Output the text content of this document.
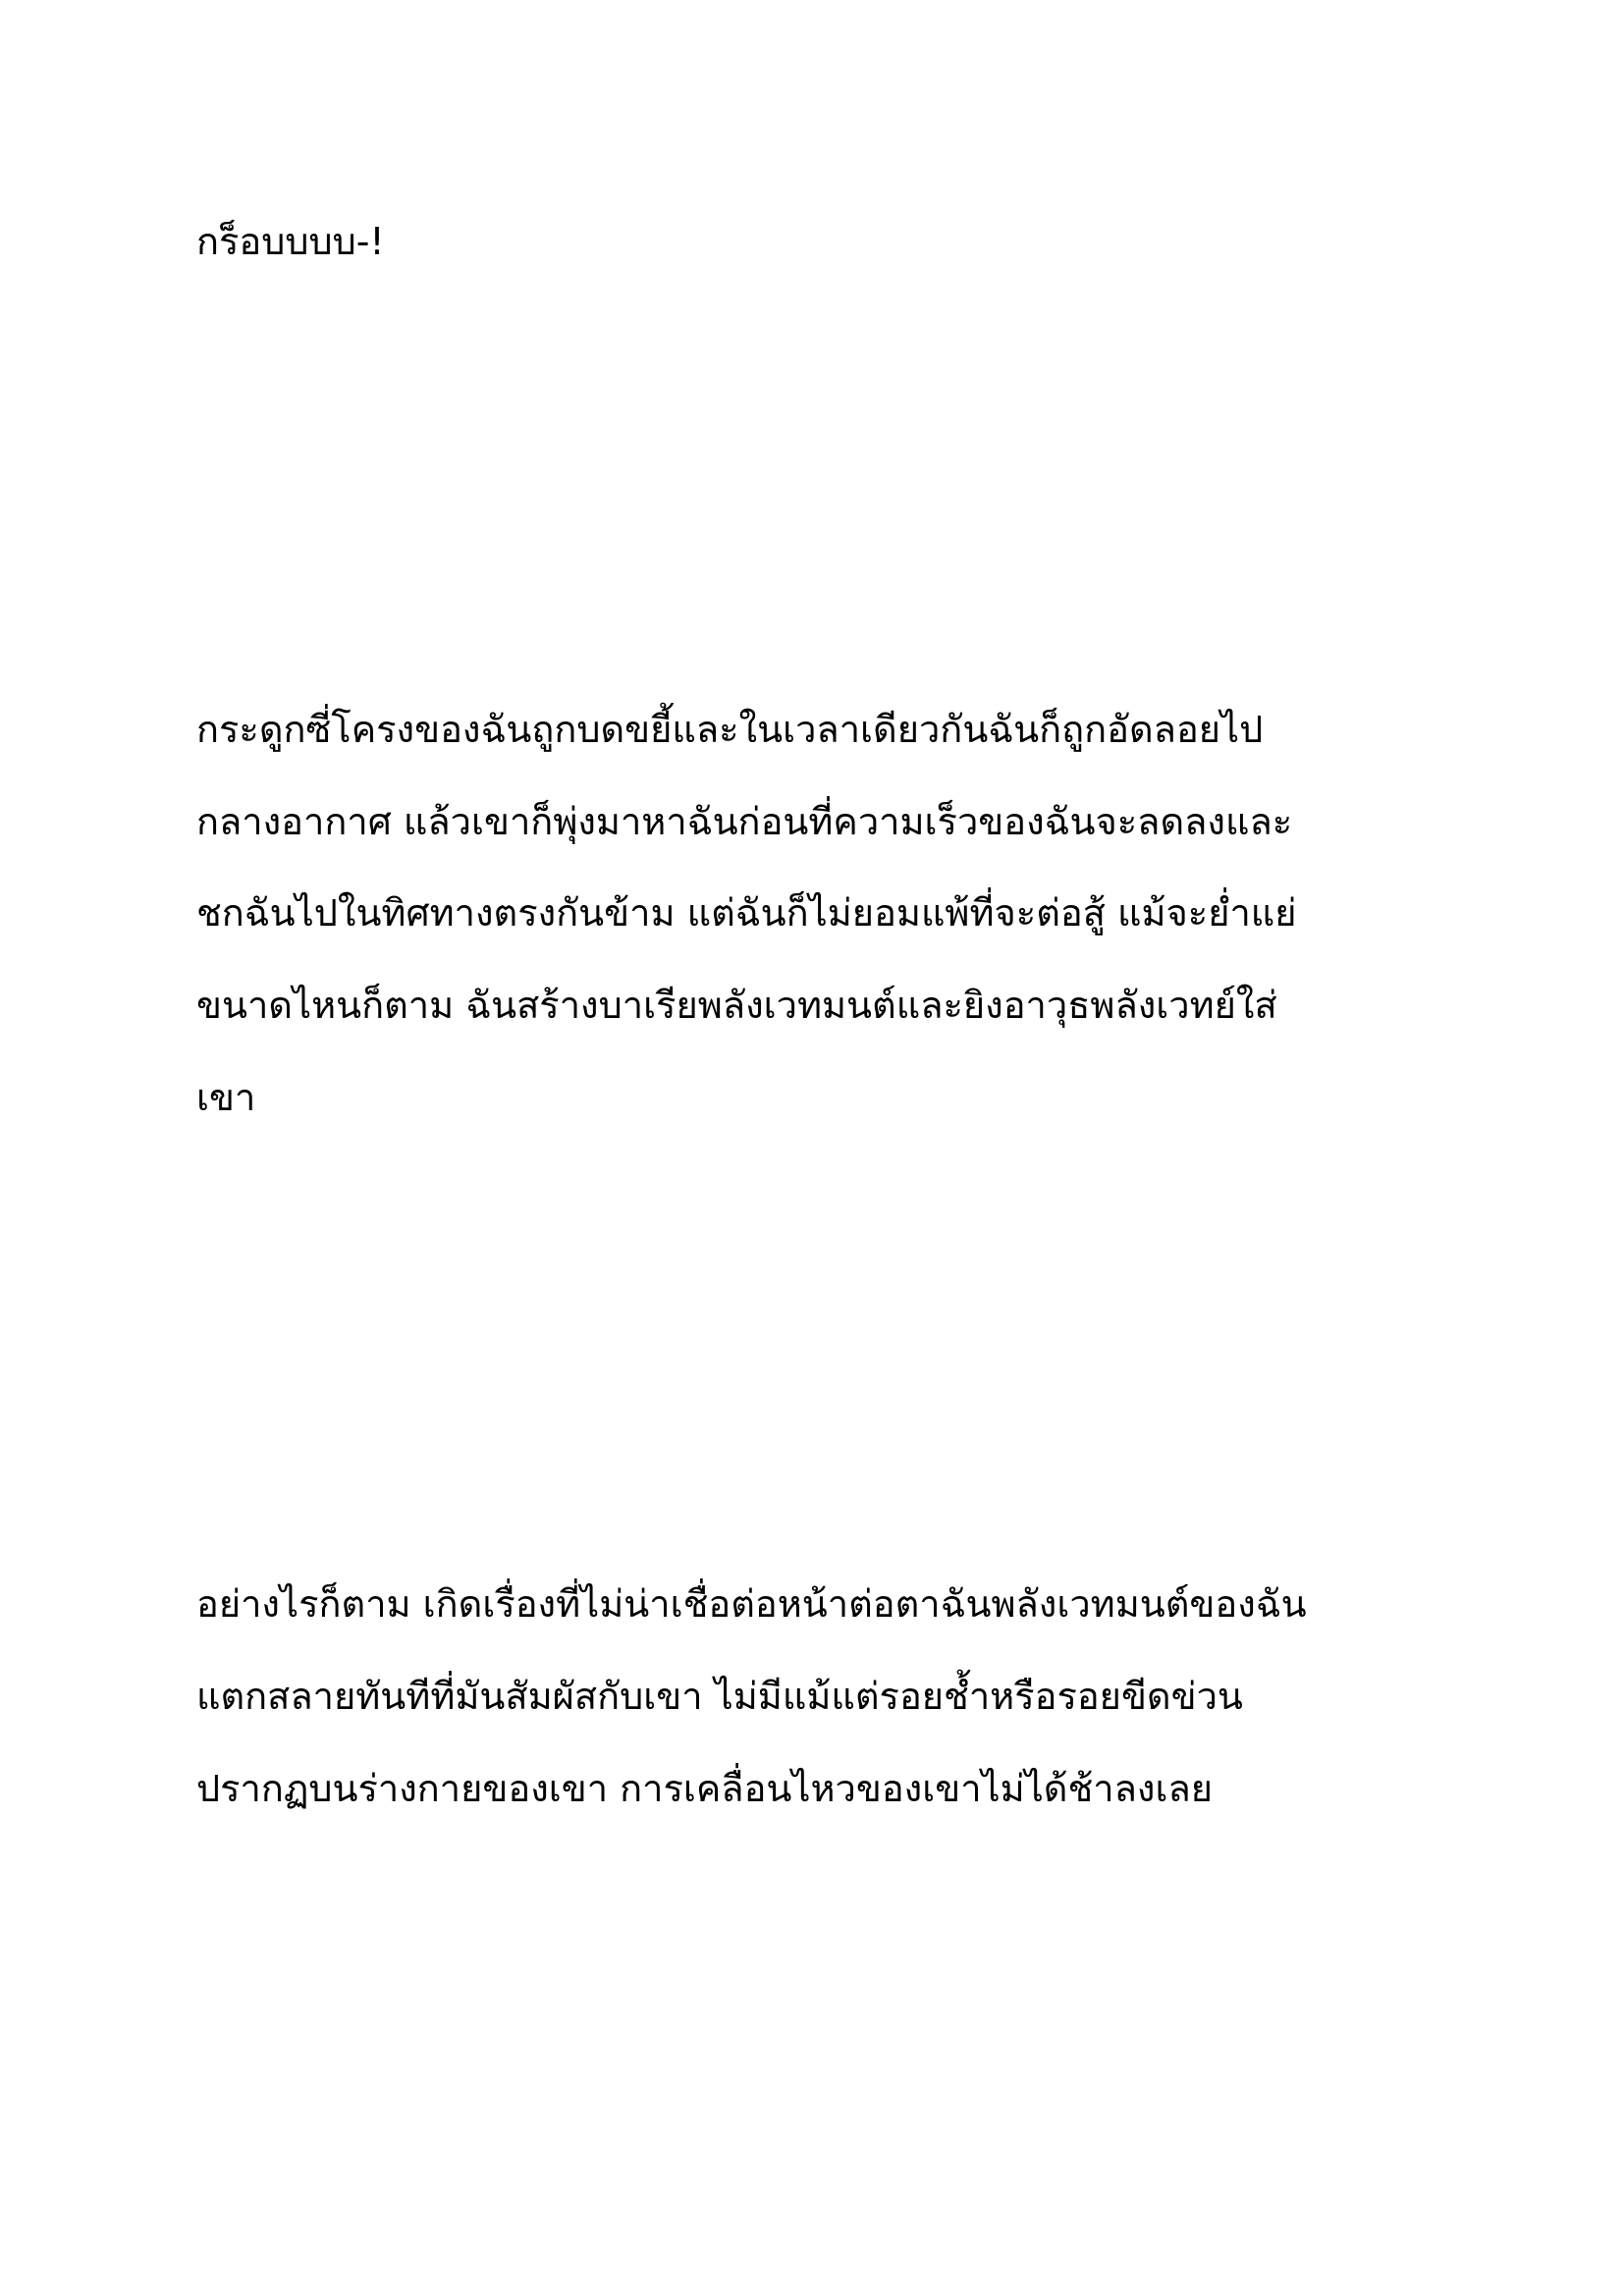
กร็อบบบบ-!
กระดูกซี่โครงของฉันถูกบดขยี้และในเวลาเดียวกันฉันก็ถูกอัดลอยไป
กลางอากาศ แล้วเขาก็พุ่งมาหาฉันก่อนที่ความเร็วของฉันจะลดลงและ
ชกฉันไปในทิศทางตรงกันข้าม แต่ฉันก็ไม่ยอมแพ้ที่จะต่อสู้ แม้จะย่ำแย่
ขนาดไหนก็ตาม ฉันสร้างบาเรียพลังเวทมนต์และยิงอาวุธพลังเวทย์ใส่
เขา
อย่างไรก็ตาม เกิดเรื่องที่ไม่น่าเชื่อต่อหน้าต่อตาฉันพลังเวทมนต์ของฉัน
แตกสลายทันทีที่มันสัมผัสกับเขา ไม่มีแม้แต่รอยช้ำหรือรอยขีดข่วน
ปรากฏบนร่างกายของเขา การเคลื่อนไหวของเขาไม่ได้ช้าลงเลย
